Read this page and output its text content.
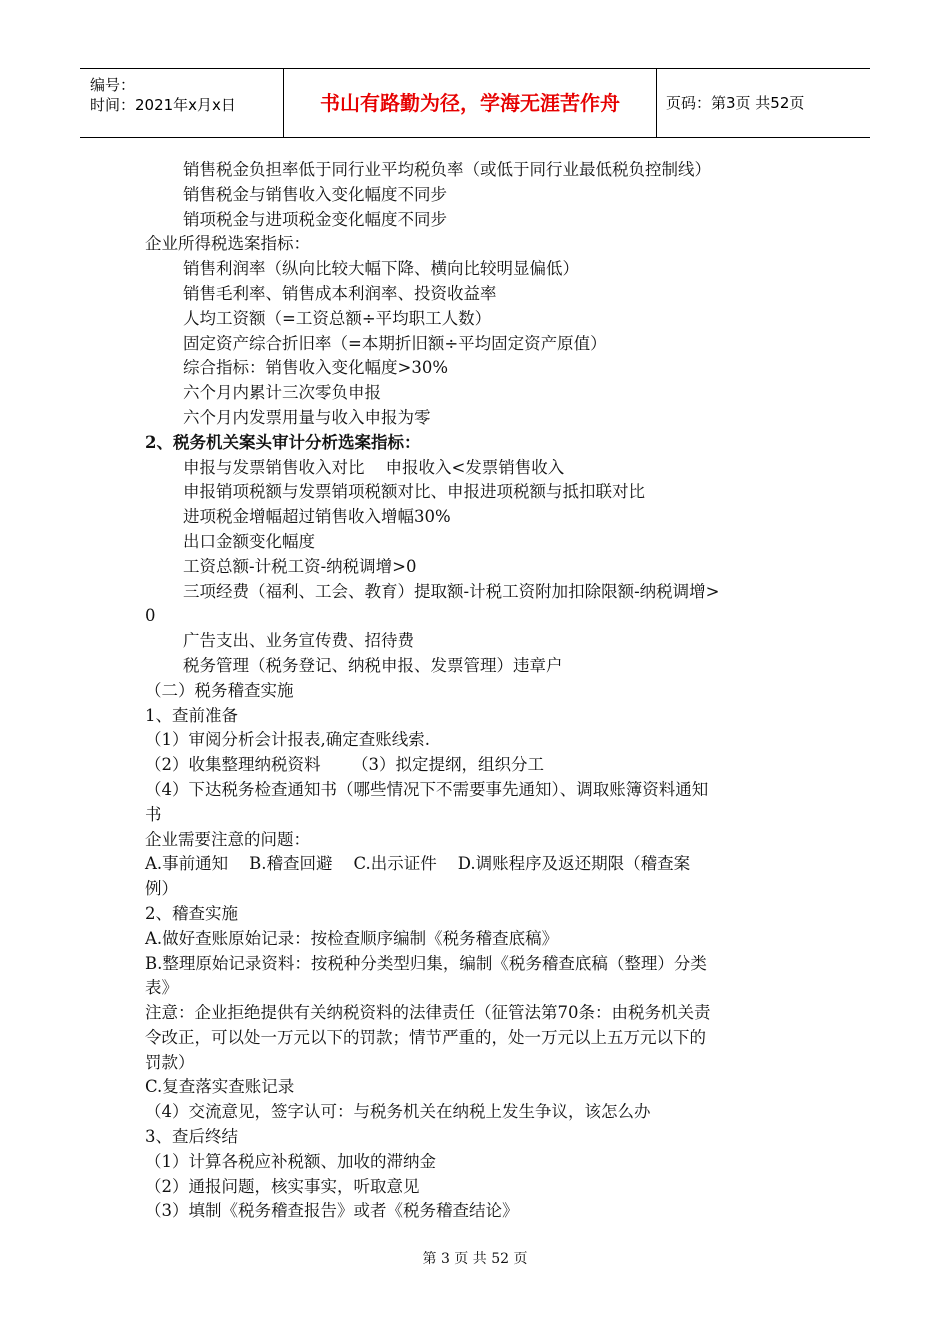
编号：
时间：2021年x月x日	书山有路勤为径，学海无涯苦作舟	页码：第3页 共52页
销售税金负担率低于同行业平均税负率（或低于同行业最低税负控制线）
销售税金与销售收入变化幅度不同步
销项税金与进项税金变化幅度不同步
企业所得税选案指标：
销售利润率（纵向比较大幅下降、横向比较明显偏低）
销售毛利率、销售成本利润率、投资收益率
人均工资额（=工资总额÷平均职工人数）
固定资产综合折旧率（=本期折旧额÷平均固定资产原值）
综合指标：销售收入变化幅度>30%
六个月内累计三次零负申报
六个月内发票用量与收入申报为零
2、税务机关案头审计分析选案指标：
申报与发票销售收入对比    申报收入<发票销售收入
申报销项税额与发票销项税额对比、申报进项税额与抵扣联对比
进项税金增幅超过销售收入增幅30%
出口金额变化幅度
工资总额-计税工资-纳税调增>0
三项经费（福利、工会、教育）提取额-计税工资附加扣除限额-纳税调增>
0
广告支出、业务宣传费、招待费
税务管理（税务登记、纳税申报、发票管理）违章户
（二）税务稽查实施
1、查前准备
（1）审阅分析会计报表,确定查账线索.
（2）收集整理纳税资料      （3）拟定提纲，组织分工
（4）下达税务检查通知书（哪些情况下不需要事先通知）、调取账簿资料通知
书
企业需要注意的问题：
A.事前通知    B.稽查回避    C.出示证件    D.调账程序及返还期限（稽查案
例）
2、稽查实施
A.做好查账原始记录：按检查顺序编制《税务稽查底稿》
B.整理原始记录资料：按税种分类型归集，编制《税务稽查底稿（整理）分类
表》
注意：企业拒绝提供有关纳税资料的法律责任（征管法第70条：由税务机关责
令改正，可以处一万元以下的罚款；情节严重的，处一万元以上五万元以下的
罚款）
C.复查落实查账记录
（4）交流意见，签字认可：与税务机关在纳税上发生争议，该怎么办
3、查后终结
（1）计算各税应补税额、加收的滞纳金
（2）通报问题，核实事实，听取意见
（3）填制《税务稽查报告》或者《税务稽查结论》
第 3 页 共 52 页
